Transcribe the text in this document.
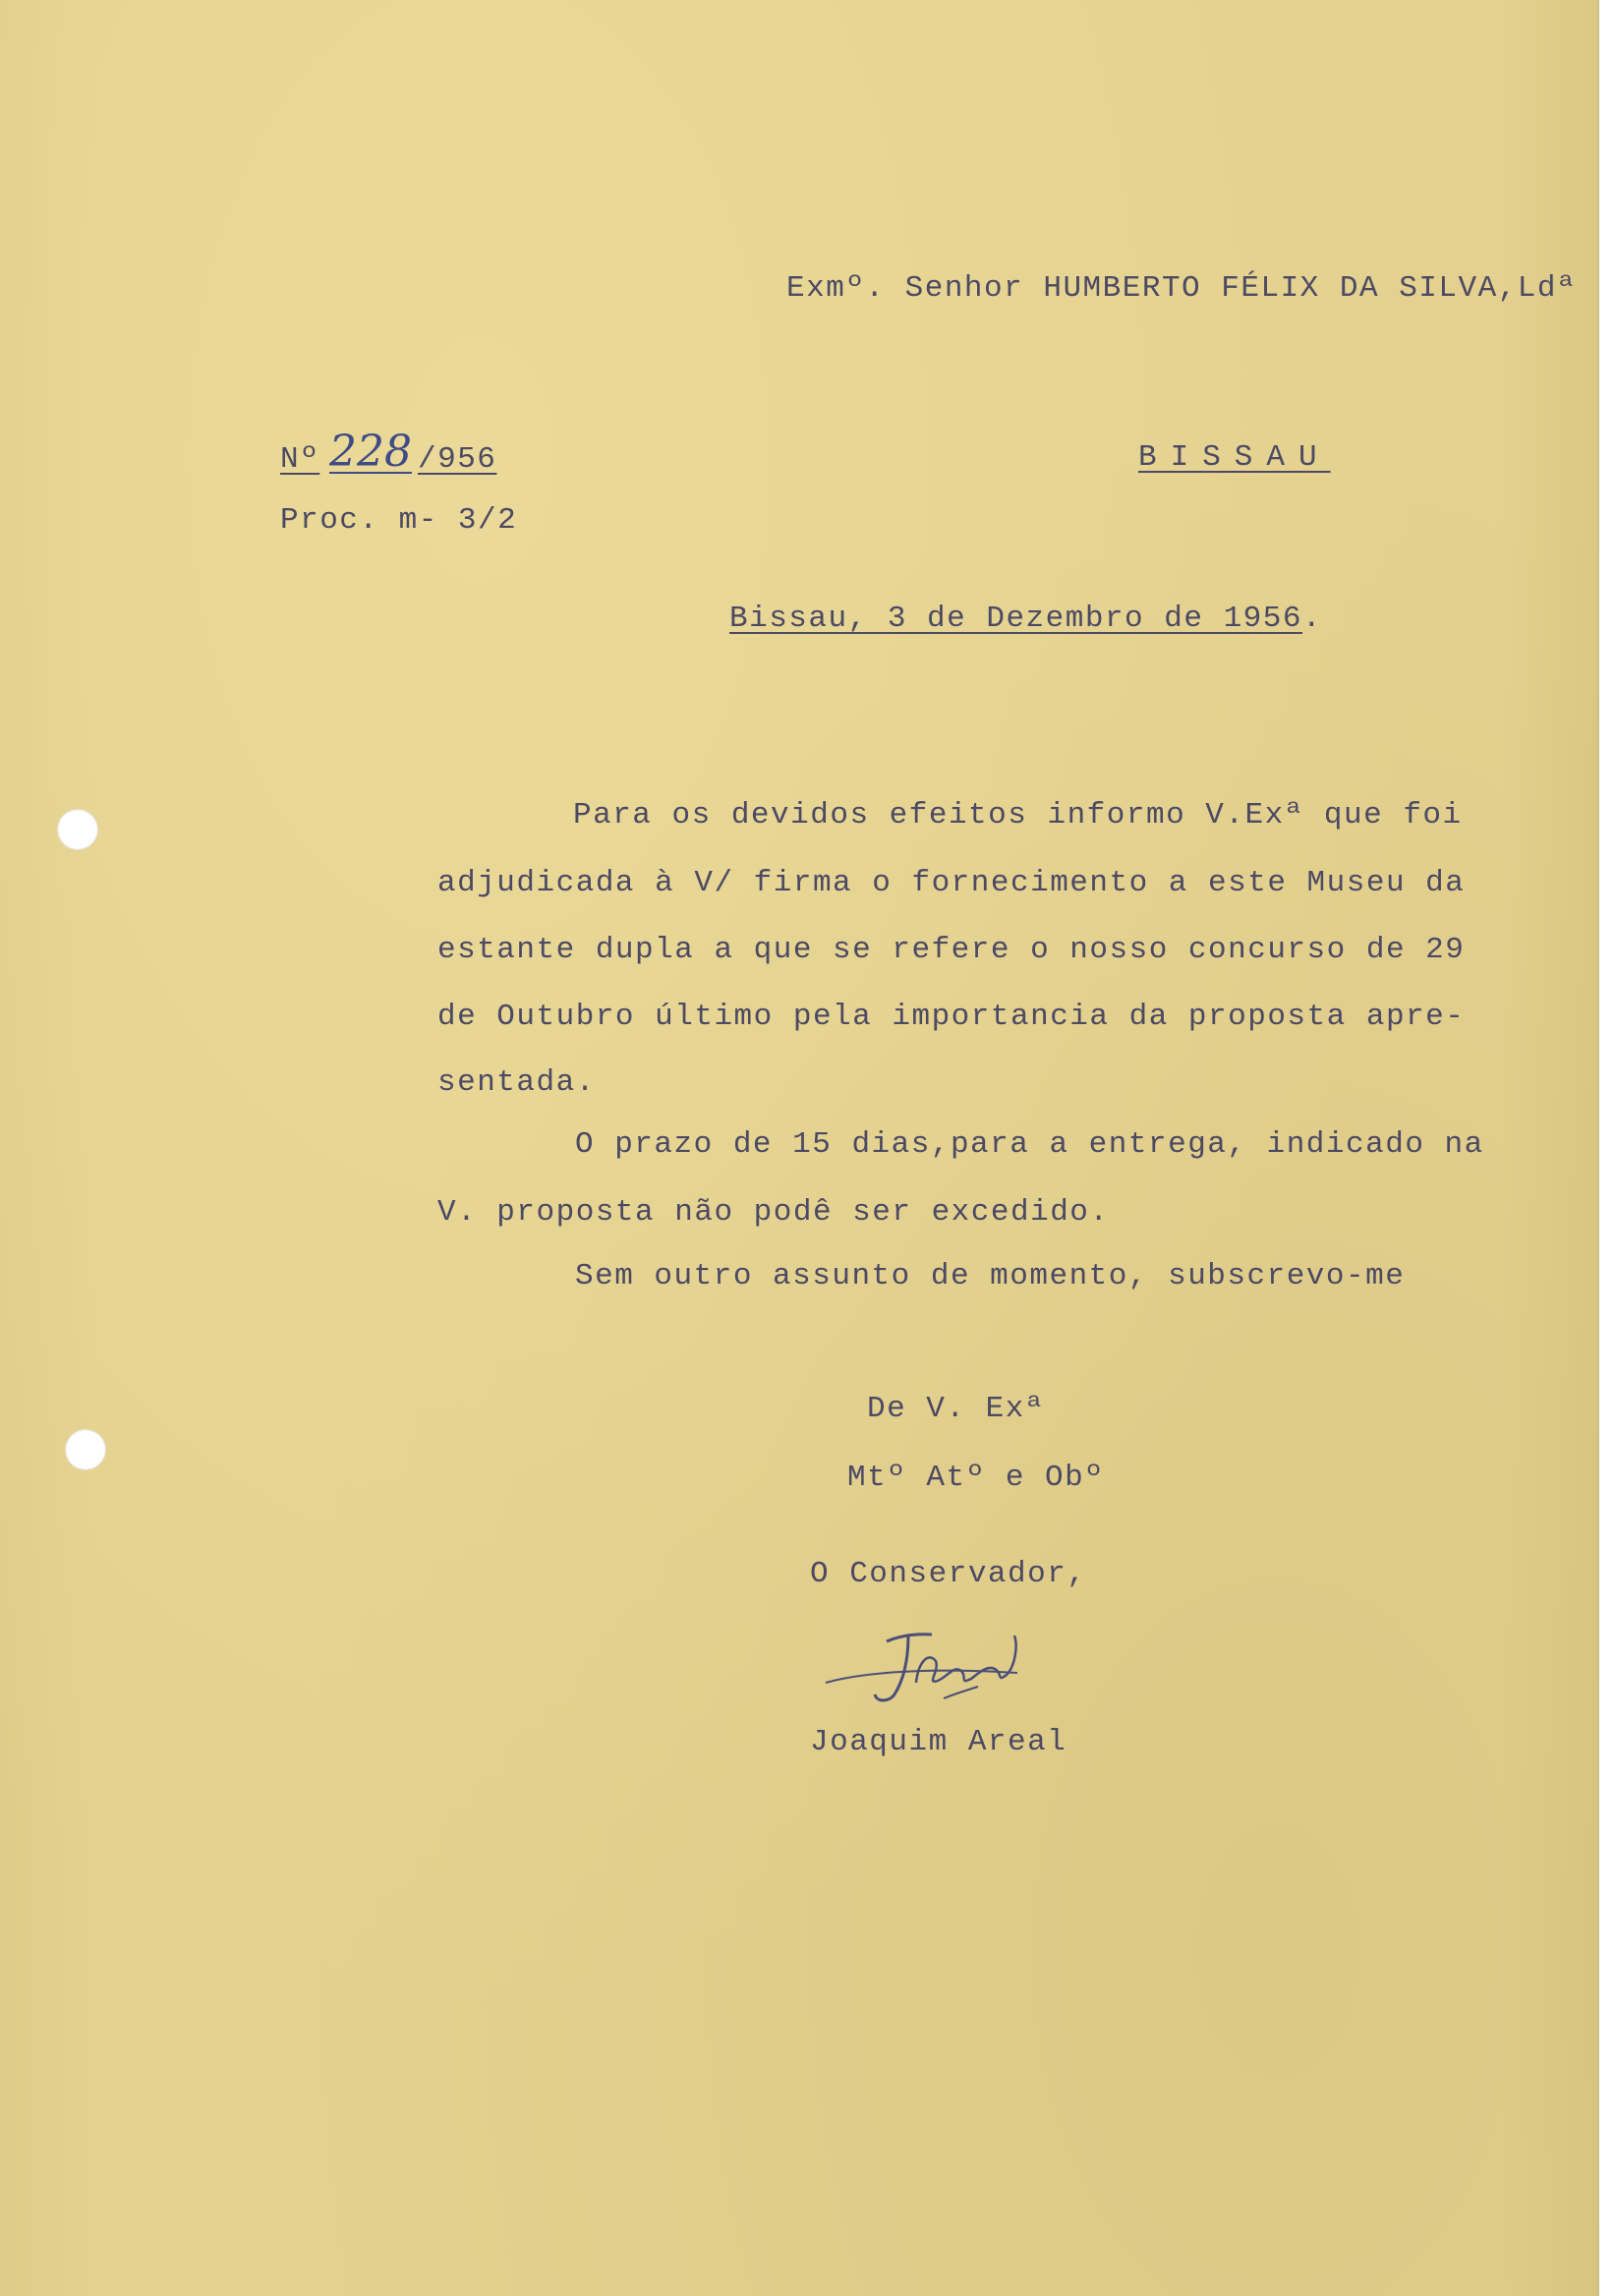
Exmº. Senhor HUMBERTO FÉLIX DA SILVA,Ldª
Nº 228 /956	BISSAU
Proc. m- 3/2
Bissau, 3 de Dezembro de 1956.
Para os devidos efeitos informo V.Exª que foi
adjudicada à V/ firma o fornecimento a este Museu da
estante dupla a que se refere o nosso concurso de 29
de Outubro último pela importancia da proposta apre-
sentada.
O prazo de 15 dias,para a entrega, indicado na
V. proposta não podê ser excedido.
Sem outro assunto de momento, subscrevo-me
De V. Exª
Mtº Atº e Obº
O Conservador,
Joaquim Areal
